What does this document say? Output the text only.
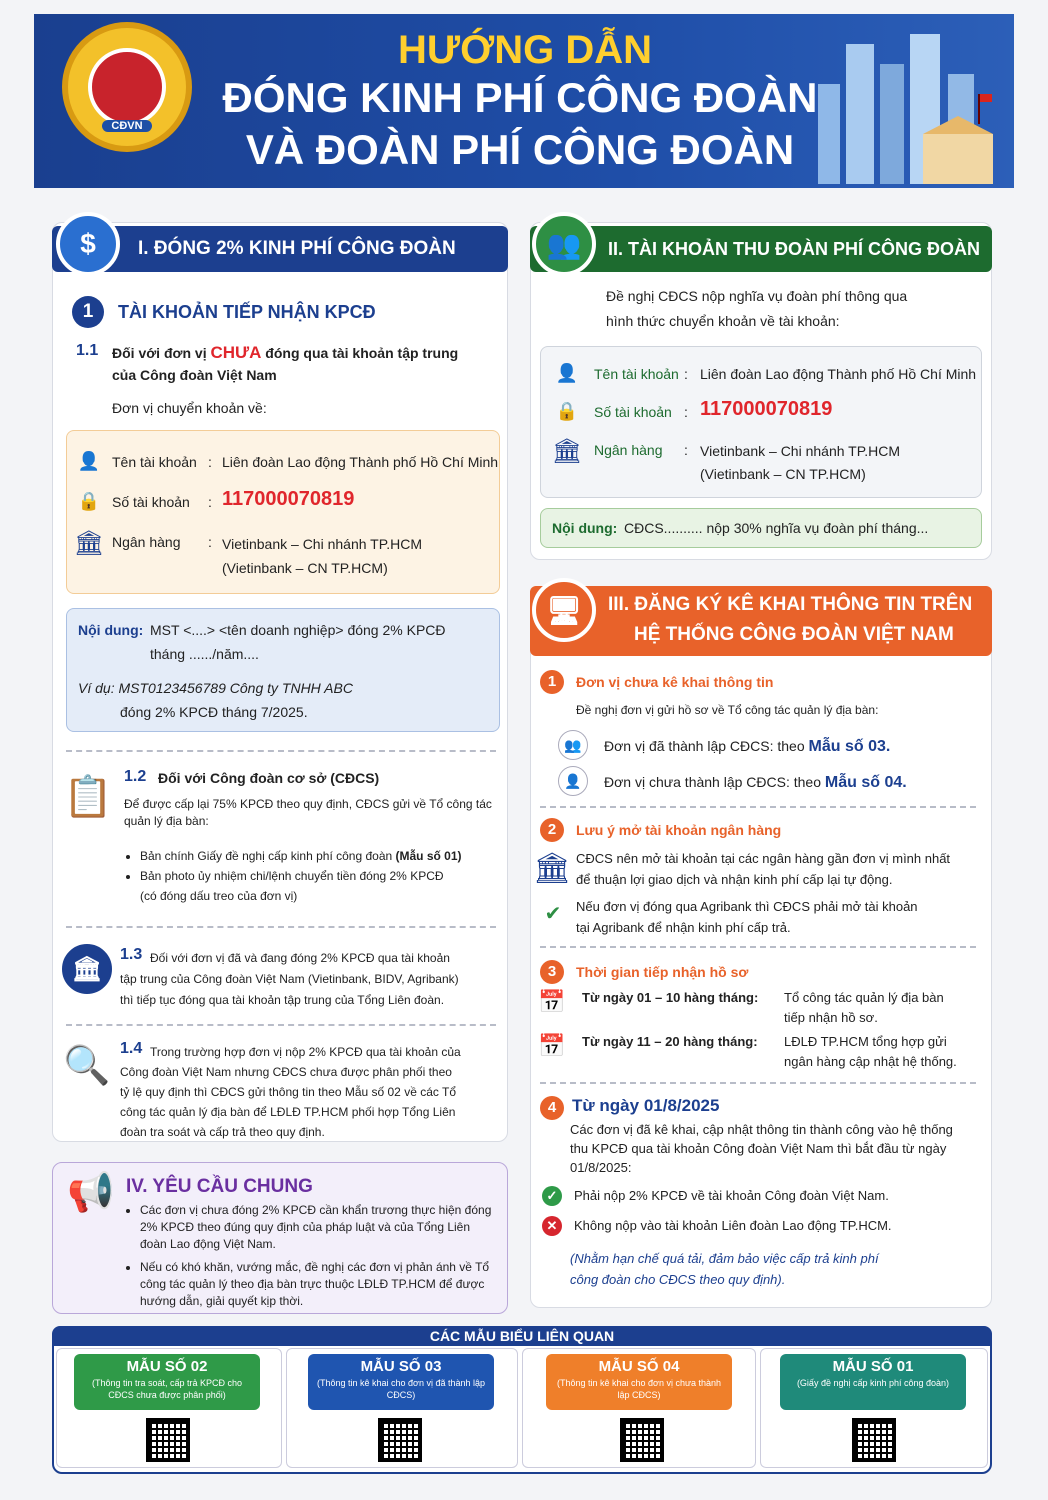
CĐVN
HƯỚNG DẪN
ĐÓNG KINH PHÍ CÔNG ĐOÀN
VÀ ĐOÀN PHÍ CÔNG ĐOÀN
I. ĐÓNG 2% KINH PHÍ CÔNG ĐOÀN (KPCĐ)
$
1	TÀI KHOẢN TIẾP NHẬN KPCĐ
1.1 Đối với đơn vị CHƯA đóng qua tài khoản tập trung
của Công đoàn Việt Nam
Đơn vị chuyển khoản về:
👤 Tên tài khoản : Liên đoàn Lao động Thành phố Hồ Chí Minh
🔒 Số tài khoản : 117000070819
🏛 Ngân hàng : Vietinbank – Chi nhánh TP.HCM
(Vietinbank – CN TP.HCM)
Nội dung: MST <....> <tên doanh nghiệp> đóng 2% KPCĐ
tháng ....../năm....
Ví dụ: MST0123456789 Công ty TNHH ABC
đóng 2% KPCĐ tháng 7/2025.
📋 1.2 Đối với Công đoàn cơ sở (CĐCS)
Để được cấp lại 75% KPCĐ theo quy định, CĐCS gửi về Tổ công tác
quản lý địa bàn:
• Bản chính Giấy đề nghị cấp kinh phí công đoàn (Mẫu số 01)
• Bản photo ủy nhiệm chi/lệnh chuyển tiền đóng 2% KPCĐ
(có đóng dấu treo của đơn vị)
🏛
1.3 Đối với đơn vị đã và đang đóng 2% KPCĐ qua tài khoản
tập trung của Công đoàn Việt Nam (Vietinbank, BIDV, Agribank)
thì tiếp tục đóng qua tài khoản tập trung của Tổng Liên đoàn.
🔍 1.4 Trong trường hợp đơn vị nộp 2% KPCĐ qua tài khoản của
Công đoàn Việt Nam nhưng CĐCS chưa được phân phối theo
tỷ lệ quy định thì CĐCS gửi thông tin theo Mẫu số 02 về các Tổ
công tác quản lý địa bàn để LĐLĐ TP.HCM phối hợp Tổng Liên
đoàn tra soát và cấp trả theo quy định.
📢 IV. YÊU CẦU CHUNG
• Các đơn vị chưa đóng 2% KPCĐ cần khẩn trương thực hiện đóng 2% KPCĐ theo đúng quy định của pháp luật và của Tổng Liên đoàn Lao động Việt Nam.
• Nếu có khó khăn, vướng mắc, đề nghị các đơn vị phản ánh về Tổ công tác quản lý theo địa bàn trực thuộc LĐLĐ TP.HCM để được hướng dẫn, giải quyết kịp thời.
II. TÀI KHOẢN THU ĐOÀN PHÍ CÔNG ĐOÀN
👥
Đề nghị CĐCS nộp nghĩa vụ đoàn phí thông qua
hình thức chuyển khoản về tài khoản:
👤 Tên tài khoản : Liên đoàn Lao động Thành phố Hồ Chí Minh
🔒 Số tài khoản : 117000070819
🏛 Ngân hàng : Vietinbank – Chi nhánh TP.HCM
(Vietinbank – CN TP.HCM)
Nội dung: CĐCS.......... nộp 30% nghĩa vụ đoàn phí tháng...
III. ĐĂNG KÝ KÊ KHAI THÔNG TIN TRÊN
HỆ THỐNG CÔNG ĐOÀN VIỆT NAM
🖥
1	Đơn vị chưa kê khai thông tin
Đề nghị đơn vị gửi hồ sơ về Tổ công tác quản lý địa bàn:
👥	Đơn vị đã thành lập CĐCS: theo Mẫu số 03.
👤	Đơn vị chưa thành lập CĐCS: theo Mẫu số 04.
2	Lưu ý mở tài khoản ngân hàng
🏛 CĐCS nên mở tài khoản tại các ngân hàng gần đơn vị mình nhất
để thuận lợi giao dịch và nhận kinh phí cấp lại tự động.
✔	Nếu đơn vị đóng qua Agribank thì CĐCS phải mở tài khoản
tại Agribank để nhận kinh phí cấp trả.
3	Thời gian tiếp nhận hồ sơ
📅 Từ ngày 01 – 10 hàng tháng: Tổ công tác quản lý địa bàn
tiếp nhận hồ sơ.
📅 Từ ngày 11 – 20 hàng tháng: LĐLĐ TP.HCM tổng hợp gửi
ngân hàng cập nhật hệ thống.
4 Từ ngày 01/8/2025
Các đơn vị đã kê khai, cập nhật thông tin thành công vào hệ thống
thu KPCĐ qua tài khoản Công đoàn Việt Nam thì bắt đầu từ ngày
01/8/2025:
✓	Phải nộp 2% KPCĐ về tài khoản Công đoàn Việt Nam.
✕	Không nộp vào tài khoản Liên đoàn Lao động TP.HCM.
(Nhằm hạn chế quá tải, đảm bảo việc cấp trả kinh phí
công đoàn cho CĐCS theo quy định).
CÁC MẪU BIỂU LIÊN QUAN
MẪU SỐ 02
(Thông tin tra soát, cấp trả KPCĐ cho CĐCS chưa được phân phối)
MẪU SỐ 03
(Thông tin kê khai cho đơn vị đã thành lập CĐCS)
MẪU SỐ 04
(Thông tin kê khai cho đơn vị chưa thành lập CĐCS)
MẪU SỐ 01
(Giấy đề nghị cấp kinh phí công đoàn)
